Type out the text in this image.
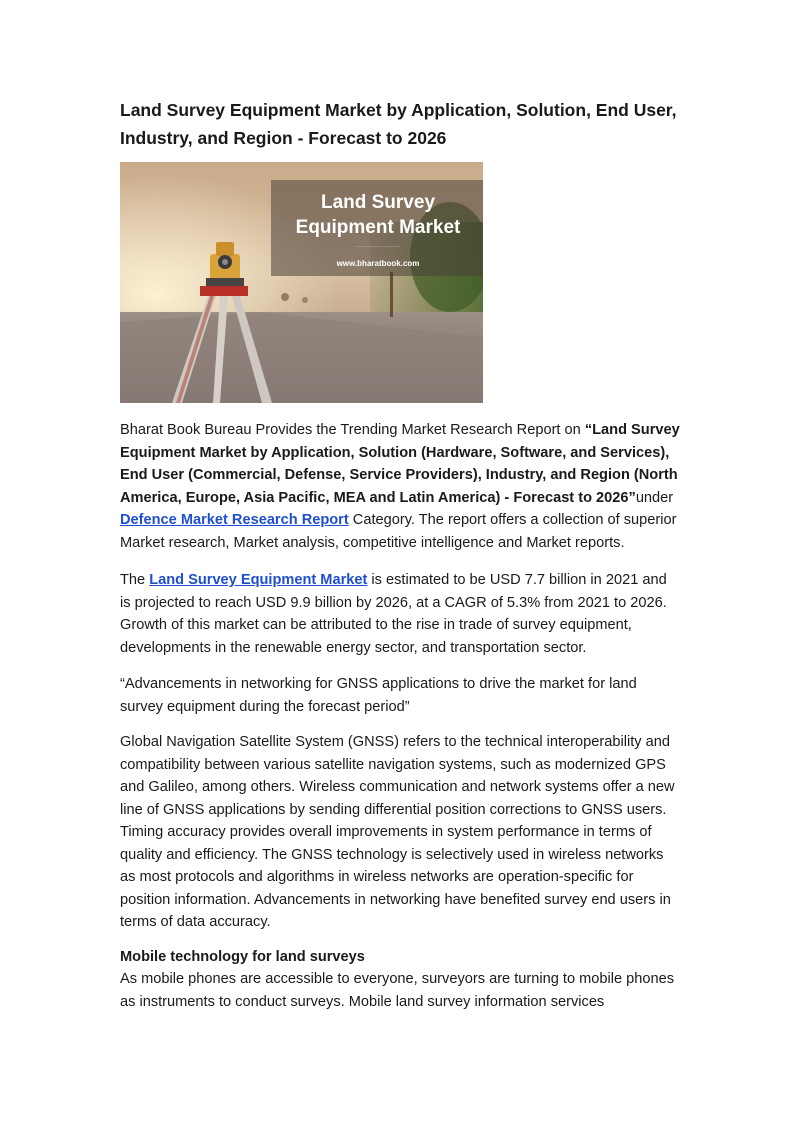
Land Survey Equipment Market by Application, Solution, End User, Industry, and Region - Forecast to 2026
Land Survey
Equipment Market
······················
www.bharatbook.com

Bharat Book Bureau Provides the Trending Market Research Report on “Land Survey Equipment Market by Application, Solution (Hardware, Software, and Services), End User (Commercial, Defense, Service Providers), Industry, and Region (North America, Europe, Asia Pacific, MEA and Latin America) - Forecast to 2026”under
Defence Market Research Report Category. The report offers a collection of superior Market research, Market analysis, competitive intelligence and Market reports.

The Land Survey Equipment Market is estimated to be USD 7.7 billion in 2021 and is projected to reach USD 9.9 billion by 2026, at a CAGR of 5.3% from 2021 to 2026. Growth of this market can be attributed to the rise in trade of survey equipment, developments in the renewable energy sector, and transportation sector.

“Advancements in networking for GNSS applications to drive the market for land survey equipment during the forecast period”

Global Navigation Satellite System (GNSS) refers to the technical interoperability and compatibility between various satellite navigation systems, such as modernized GPS and Galileo, among others. Wireless communication and network systems offer a new line of GNSS applications by sending differential position corrections to GNSS users. Timing accuracy provides overall improvements in system performance in terms of quality and efficiency. The GNSS technology is selectively used in wireless networks as most protocols and algorithms in wireless networks are operation-specific for position information. Advancements in networking have benefited survey end users in terms of data accuracy.

Mobile technology for land surveys

As mobile phones are accessible to everyone, surveyors are turning to mobile phones as instruments to conduct surveys. Mobile land survey information services
